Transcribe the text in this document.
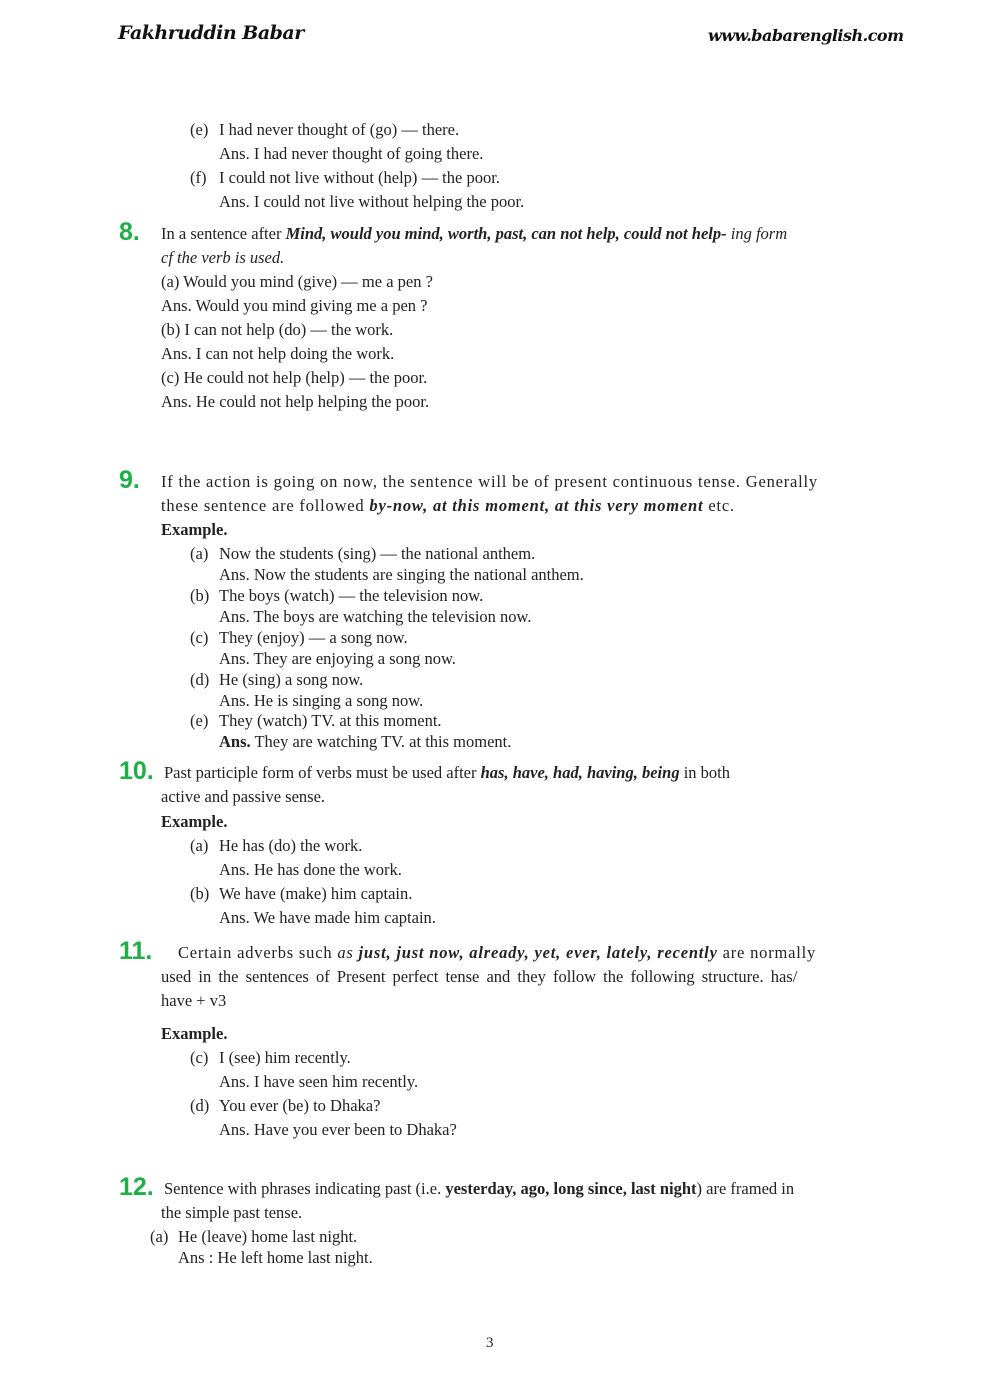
Fakhruddin Babar	www.babarenglish.com
(e) I had never thought of (go) — there.
Ans. I had never thought of going there.
(f) I could not live without (help) — the poor.
Ans. I could not live without helping the poor.
8. In a sentence after Mind, would you mind, worth, past, can not help, could not help- ing form
cf the verb is used.
(a) Would you mind (give) — me a pen ?
Ans. Would you mind giving me a pen ?
(b) I can not help (do) — the work.
Ans. I can not help doing the work.
(c) He could not help (help) — the poor.
Ans. He could not help helping the poor.
9. If the action is going on now, the sentence will be of present continuous tense. Generally
these sentence are followed by-now, at this moment, at this very moment etc.
Example.
(a) Now the students (sing) — the national anthem.
Ans. Now the students are singing the national anthem.
(b) The boys (watch) — the television now.
Ans. The boys are watching the television now.
(c) They (enjoy) — a song now.
Ans. They are enjoying a song now.
(d) He (sing) a song now.
Ans. He is singing a song now.
(e) They (watch) TV. at this moment.
Ans. They are watching TV. at this moment.
10. Past participle form of verbs must be used after has, have, had, having, being in both
active and passive sense.
Example.
(a) He has (do) the work.
Ans. He has done the work.
(b) We have (make) him captain.
Ans. We have made him captain.
11. Certain adverbs such as just, just now, already, yet, ever, lately, recently are normally
used in the sentences of Present perfect tense and they follow the following structure. has/
have + v3
Example.
(c) I (see) him recently.
Ans. I have seen him recently.
(d) You ever (be) to Dhaka?
Ans. Have you ever been to Dhaka?
12. Sentence with phrases indicating past (i.e. yesterday, ago, long since, last night) are framed in
the simple past tense.
(a) He (leave) home last night.
Ans : He left home last night.
3
